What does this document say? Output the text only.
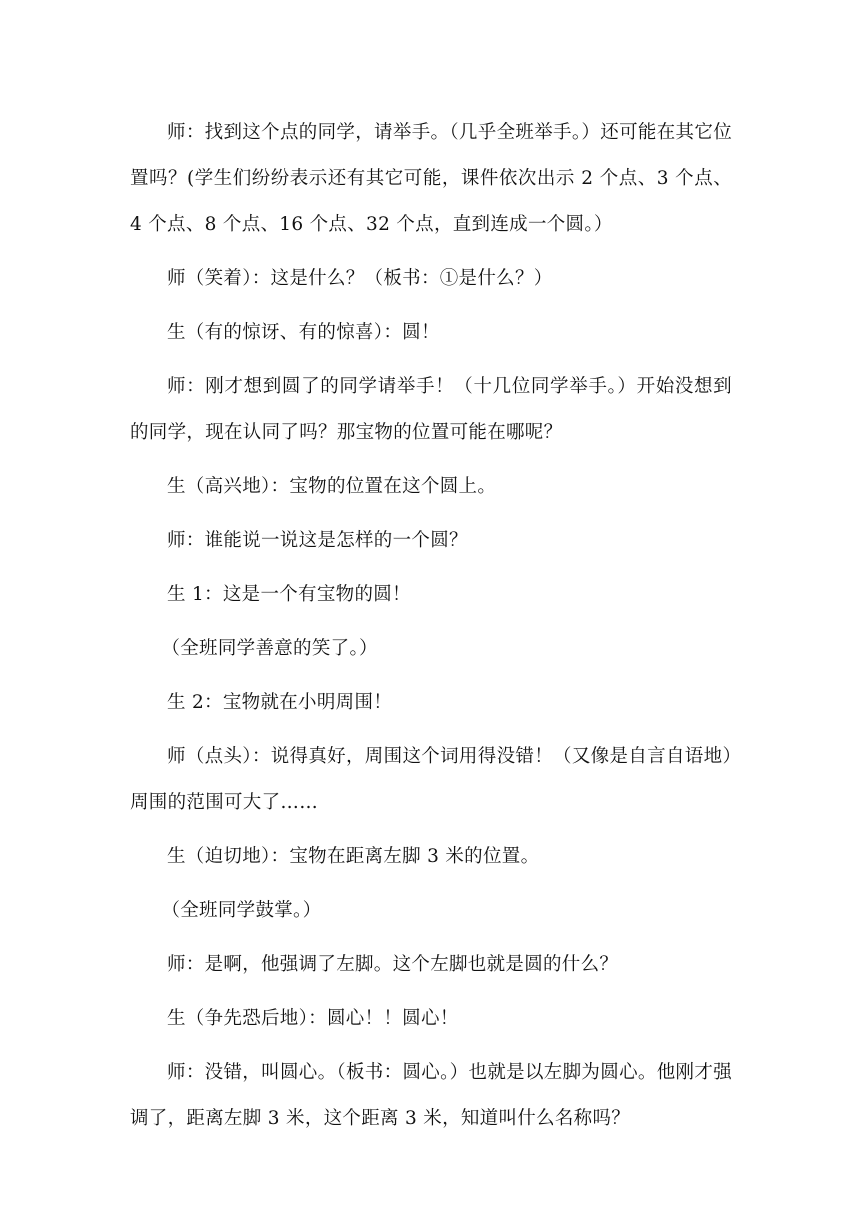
师：找到这个点的同学，请举手。（几乎全班举手。）还可能在其它位置吗？(学生们纷纷表示还有其它可能，课件依次出示 2 个点、3 个点、4 个点、8 个点、16 个点、32 个点，直到连成一个圆。）

师（笑着）：这是什么？（板书：①是什么？）

生（有的惊讶、有的惊喜）：圆！

师：刚才想到圆了的同学请举手！（十几位同学举手。）开始没想到的同学，现在认同了吗？那宝物的位置可能在哪呢？

生（高兴地）：宝物的位置在这个圆上。

师：谁能说一说这是怎样的一个圆？

生 1：这是一个有宝物的圆！

（全班同学善意的笑了。）

生 2：宝物就在小明周围！

师（点头）：说得真好，周围这个词用得没错！（又像是自言自语地）周围的范围可大了……

生（迫切地）：宝物在距离左脚 3 米的位置。

（全班同学鼓掌。）

师：是啊，他强调了左脚。这个左脚也就是圆的什么？

生（争先恐后地）：圆心！！圆心！

师：没错，叫圆心。（板书：圆心。）也就是以左脚为圆心。他刚才强调了，距离左脚 3 米，这个距离 3 米，知道叫什么名称吗？
